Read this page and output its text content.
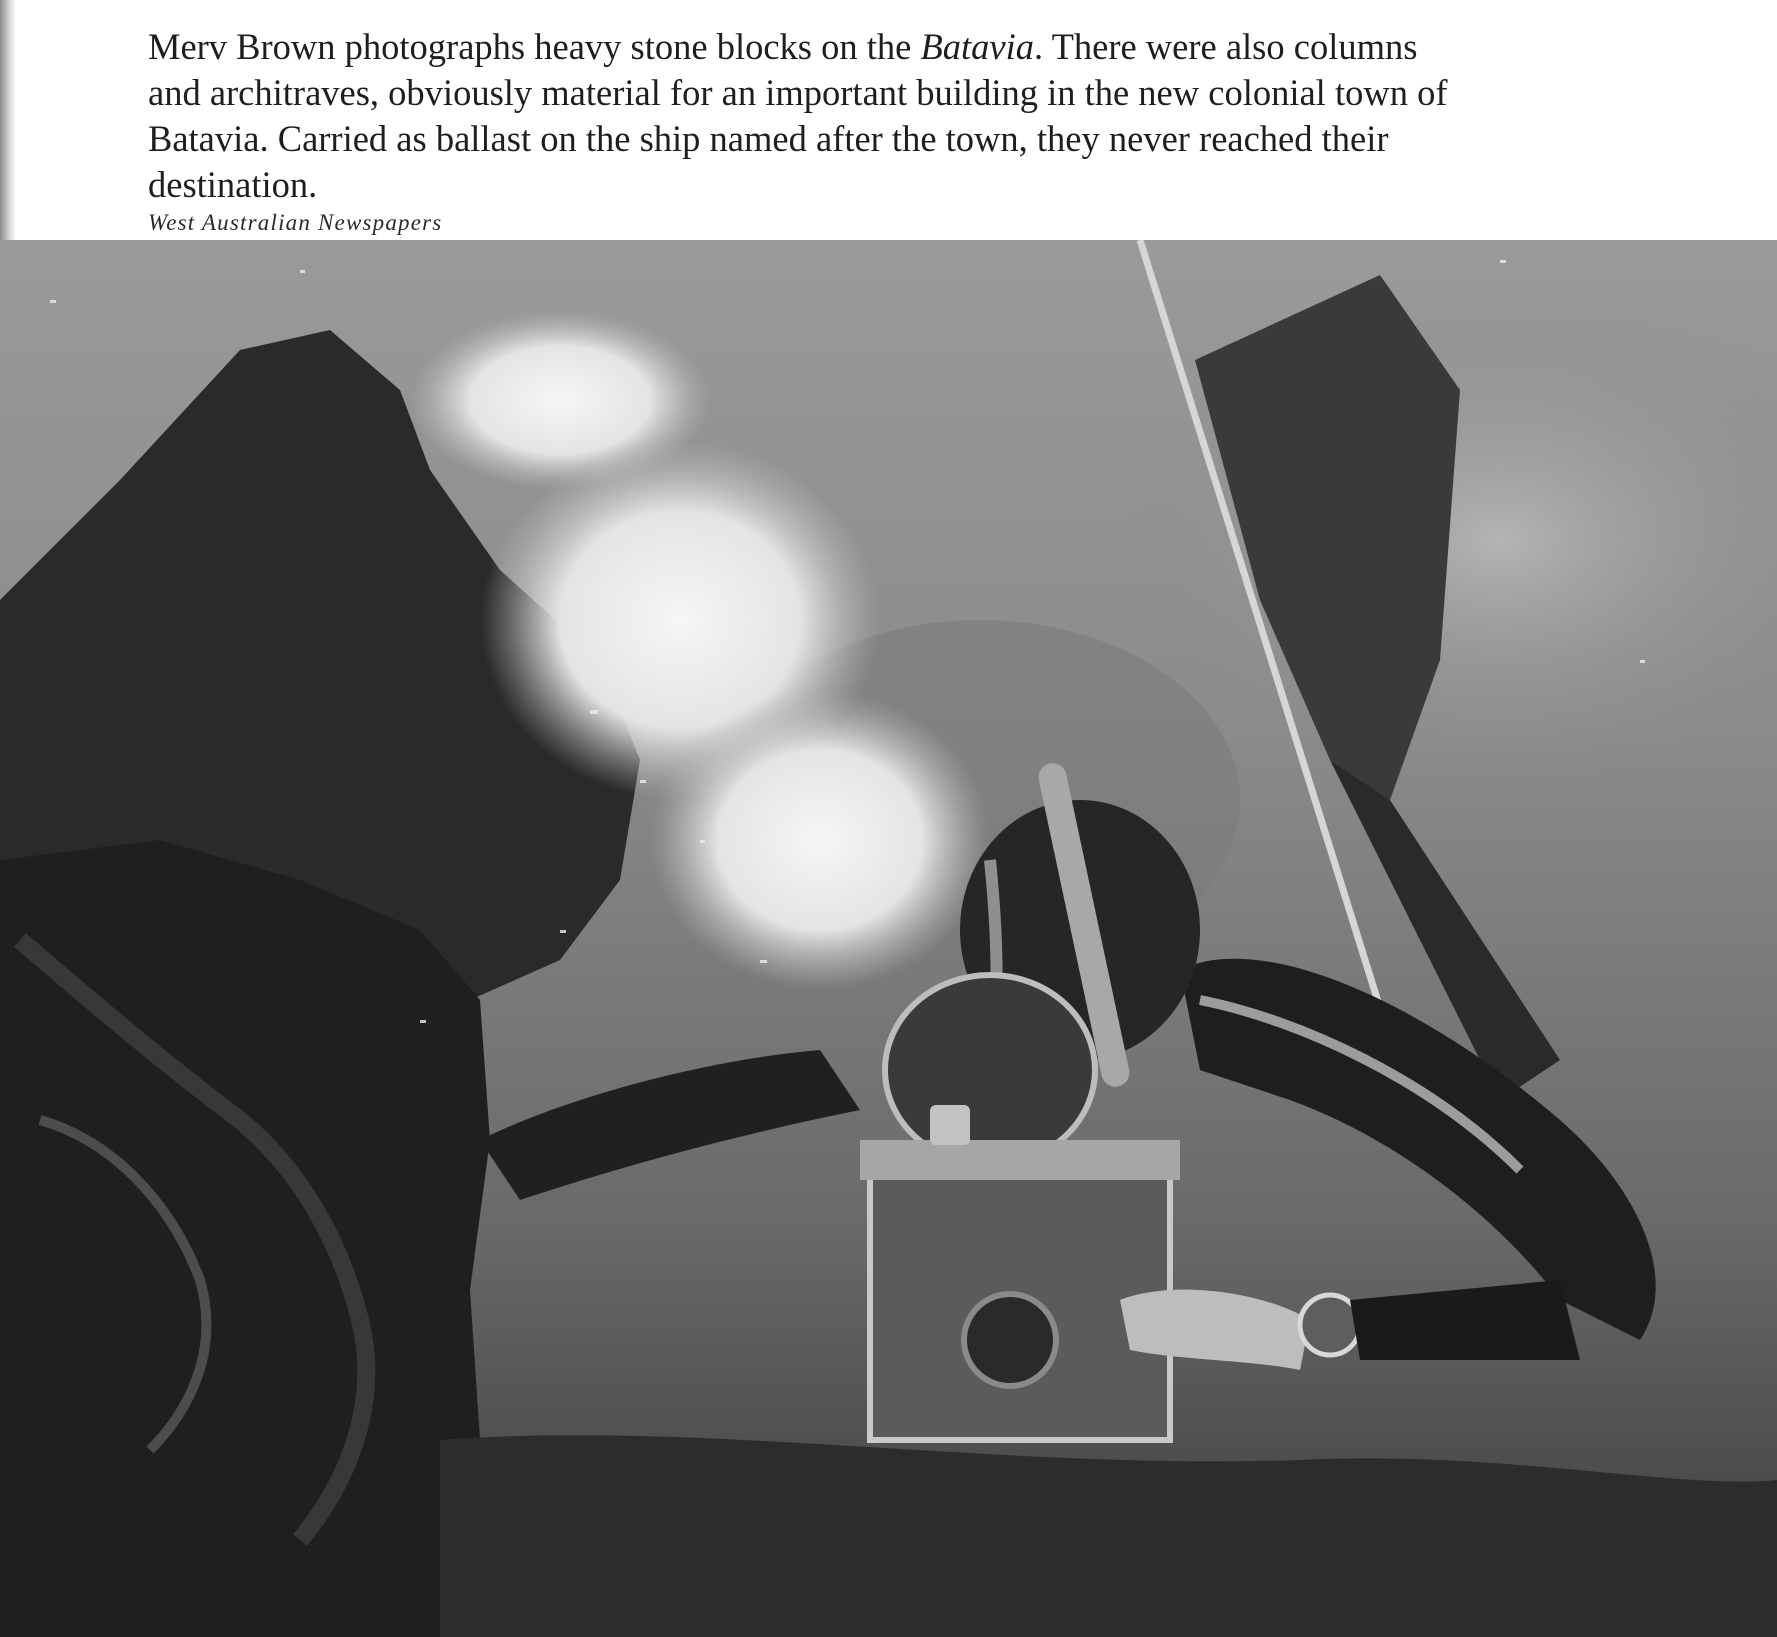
Merv Brown photographs heavy stone blocks on the Batavia. There were also columns and architraves, obviously material for an important building in the new colonial town of Batavia. Carried as ballast on the ship named after the town, they never reached their destination.

West Australian Newspapers
